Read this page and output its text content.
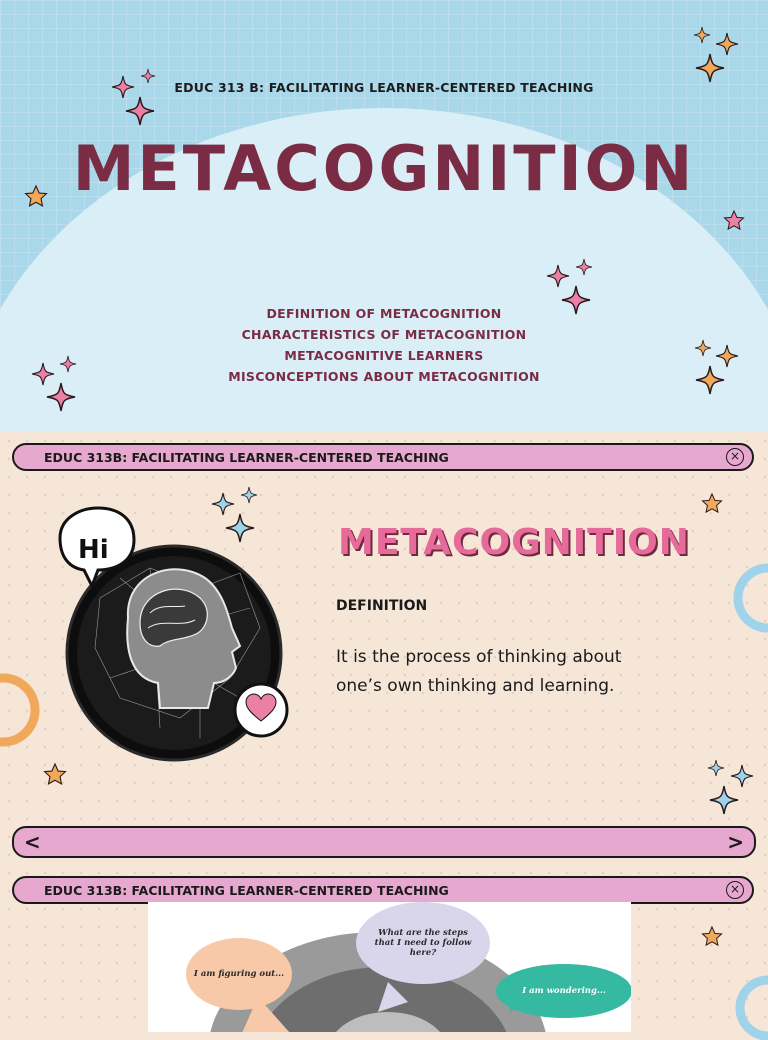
EDUC 313 B: FACILITATING LEARNER-CENTERED TEACHING
METACOGNITION
DEFINITION OF METACOGNITION
CHARACTERISTICS OF METACOGNITION
METACOGNITIVE LEARNERS
MISCONCEPTIONS ABOUT METACOGNITION
EDUC 313B: FACILITATING LEARNER-CENTERED TEACHING	×
Hi	METACOGNITION
DEFINITION
It is the process of thinking about one’s own thinking and learning.
<	>
EDUC 313B: FACILITATING LEARNER-CENTERED TEACHING	×
I am figuring out...
What are the steps that I need to follow here?
I am wondering...
